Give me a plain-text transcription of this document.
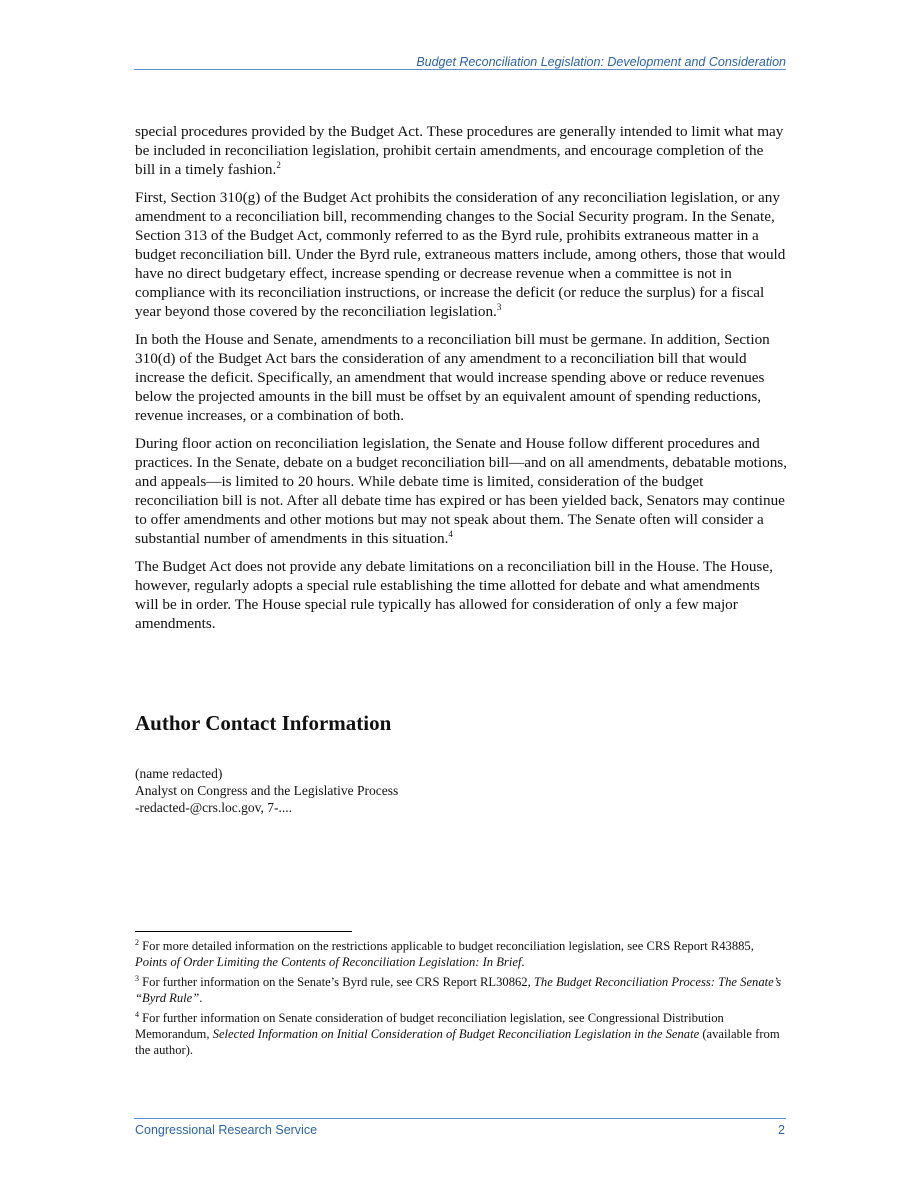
Budget Reconciliation Legislation: Development and Consideration

special procedures provided by the Budget Act. These procedures are generally intended to limit what may be included in reconciliation legislation, prohibit certain amendments, and encourage completion of the bill in a timely fashion.$^2$

First, Section 310(g) of the Budget Act prohibits the consideration of any reconciliation legislation, or any amendment to a reconciliation bill, recommending changes to the Social Security program. In the Senate, Section 313 of the Budget Act, commonly referred to as the Byrd rule, prohibits extraneous matter in a budget reconciliation bill. Under the Byrd rule, extraneous matters include, among others, those that would have no direct budgetary effect, increase spending or decrease revenue when a committee is not in compliance with its reconciliation instructions, or increase the deficit (or reduce the surplus) for a fiscal year beyond those covered by the reconciliation legislation.$^3$

In both the House and Senate, amendments to a reconciliation bill must be germane. In addition, Section 310(d) of the Budget Act bars the consideration of any amendment to a reconciliation bill that would increase the deficit. Specifically, an amendment that would increase spending above or reduce revenues below the projected amounts in the bill must be offset by an equivalent amount of spending reductions, revenue increases, or a combination of both.

During floor action on reconciliation legislation, the Senate and House follow different procedures and practices. In the Senate, debate on a budget reconciliation bill—and on all amendments, debatable motions, and appeals—is limited to 20 hours. While debate time is limited, consideration of the budget reconciliation bill is not. After all debate time has expired or has been yielded back, Senators may continue to offer amendments and other motions but may not speak about them. The Senate often will consider a substantial number of amendments in this situation.$^4$

The Budget Act does not provide any debate limitations on a reconciliation bill in the House. The House, however, regularly adopts a special rule establishing the time allotted for debate and what amendments will be in order. The House special rule typically has allowed for consideration of only a few major amendments.

Author Contact Information
(name redacted)
Analyst on Congress and the Legislative Process
-redacted-@crs.loc.gov, 7-....

$^2$ For more detailed information on the restrictions applicable to budget reconciliation legislation, see CRS Report R43885, Points of Order Limiting the Contents of Reconciliation Legislation: In Brief.

$^3$ For further information on the Senate’s Byrd rule, see CRS Report RL30862, The Budget Reconciliation Process: The Senate’s “Byrd Rule”.

$^4$ For further information on Senate consideration of budget reconciliation legislation, see Congressional Distribution Memorandum, Selected Information on Initial Consideration of Budget Reconciliation Legislation in the Senate (available from the author).

Congressional Research Service	2
